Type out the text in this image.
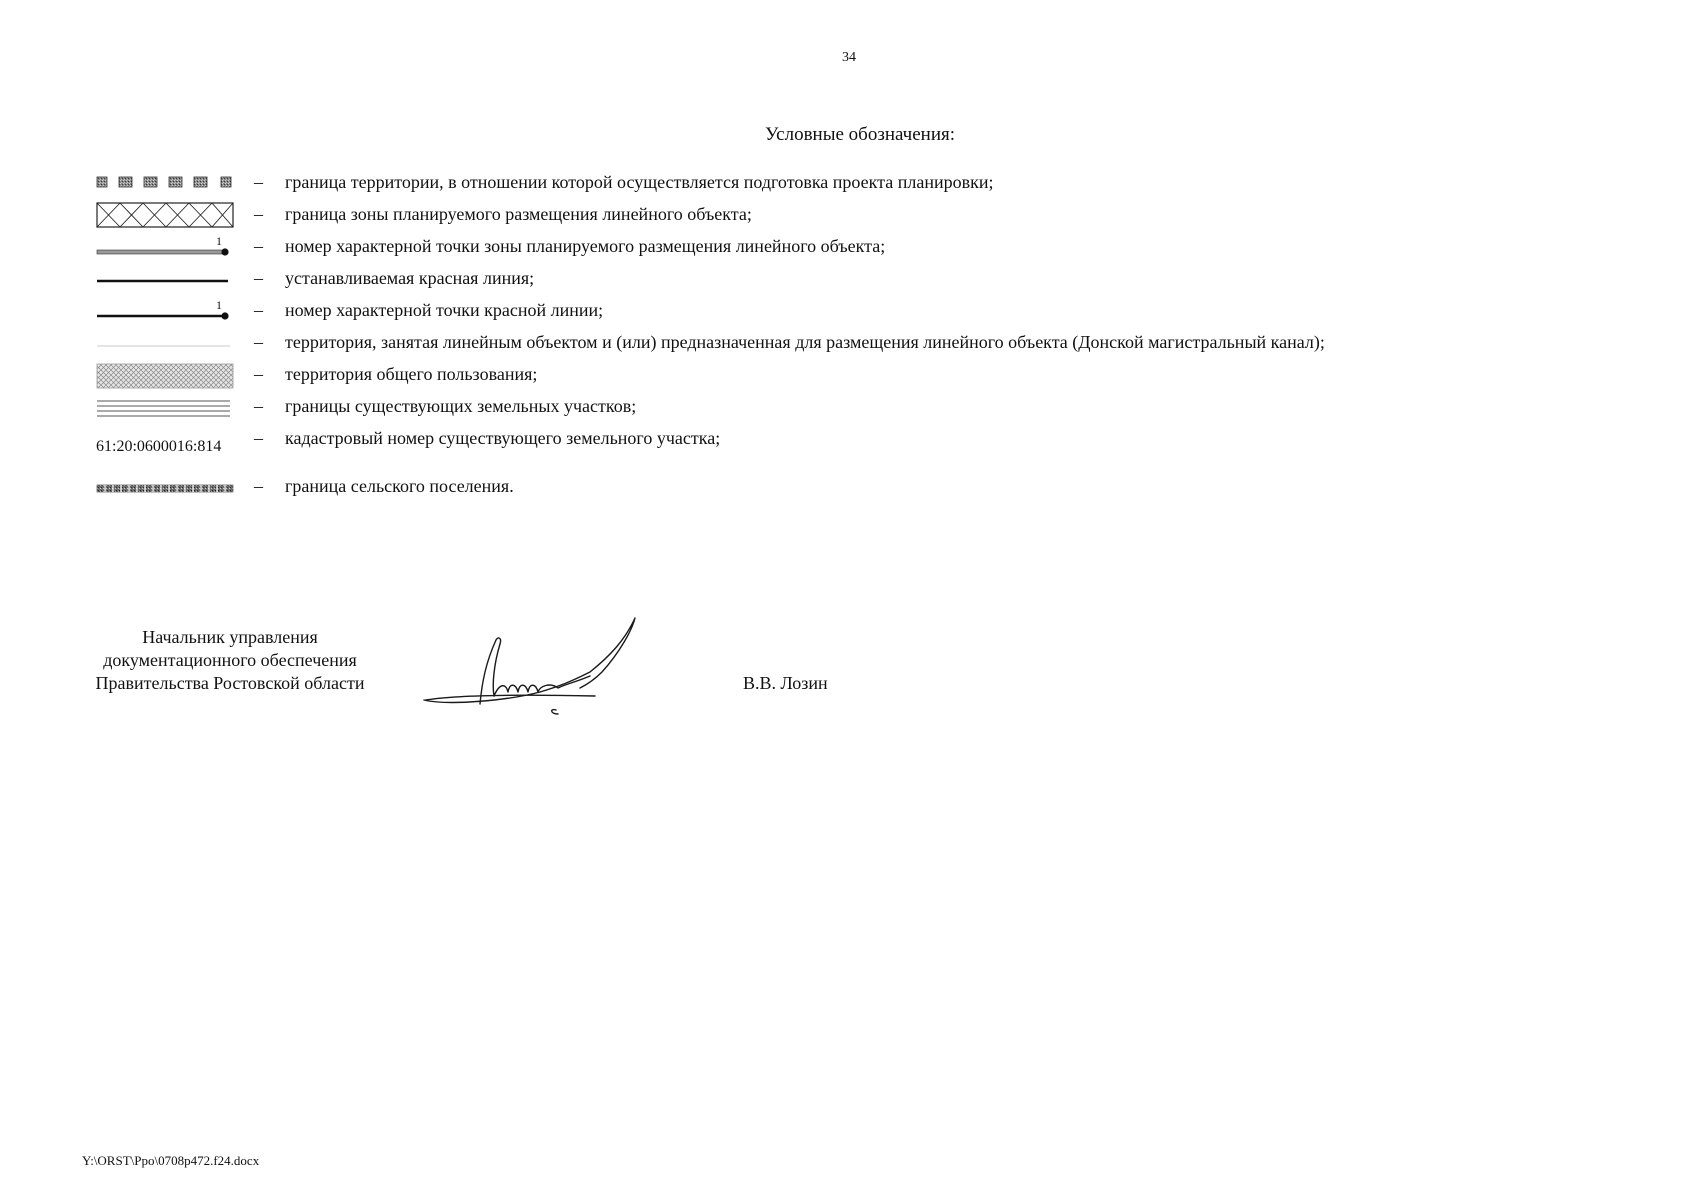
34
Условные обозначения:
– граница территории, в отношении которой осуществляется подготовка проекта планировки;
– граница зоны планируемого размещения линейного объекта;
1 – номер характерной точки зоны планируемого размещения линейного объекта;
– устанавливаемая красная линия;
1 – номер характерной точки красной линии;
– территория, занятая линейным объектом и (или) предназначенная для размещения линейного объекта (Донской магистральный канал);
– территория общего пользования;
– границы существующих земельных участков;
61:20:0600016:814 – кадастровый номер существующего земельного участка;
– граница сельского поселения.
Начальник управления
документационного обеспечения
Правительства Ростовской области	В.В. Лозин
Y:\ORST\Ppo\0708p472.f24.docx
